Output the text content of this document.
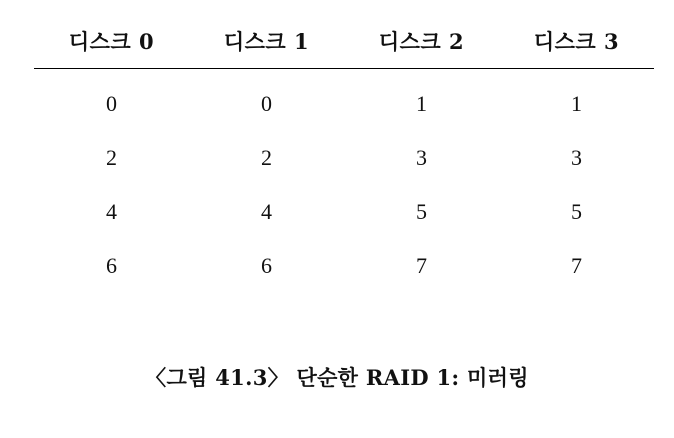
디스크 0	디스크 1	디스크 2	디스크 3
0	0	1	1
2	2	3	3
4	4	5	5
6	6	7	7
〈그림 41.3〉 단순한 RAID 1: 미러링
